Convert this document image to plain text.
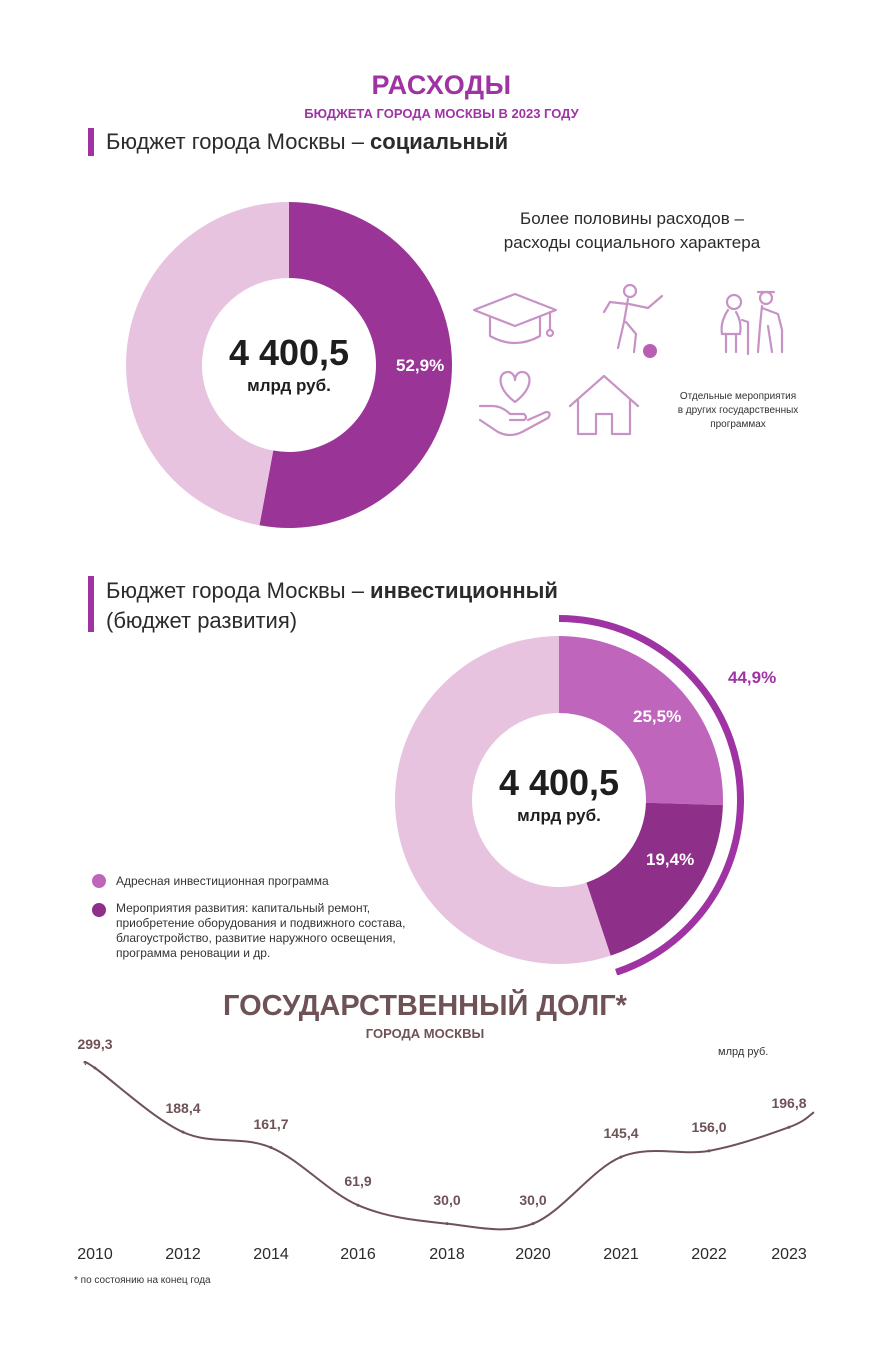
РАСХОДЫ
БЮДЖЕТА ГОРОДА МОСКВЫ В 2023 ГОДУ
Бюджет города Москвы – социальный
4 400,5
млрд руб.
52,9%
Более половины расходов –
расходы социального характера
Отдельные мероприятия
в других государственных
программах
Бюджет города Москвы – инвестиционный
(бюджет развития)
4 400,5
млрд руб.
25,5%
19,4%
44,9%
Адресная инвестиционная программа
Мероприятия развития: капитальный ремонт,
приобретение оборудования и подвижного состава,
благоустройство, развитие наружного освещения,
программа реновации и др.
ГОСУДАРСТВЕННЫЙ ДОЛГ*
ГОРОДА МОСКВЫ
млрд руб.
2010
299,3
2012
188,4
2014
161,7
2016
61,9
2018
30,0
2020
30,0
2021
145,4
2022
156,0
2023
196,8
* по состоянию на конец года
